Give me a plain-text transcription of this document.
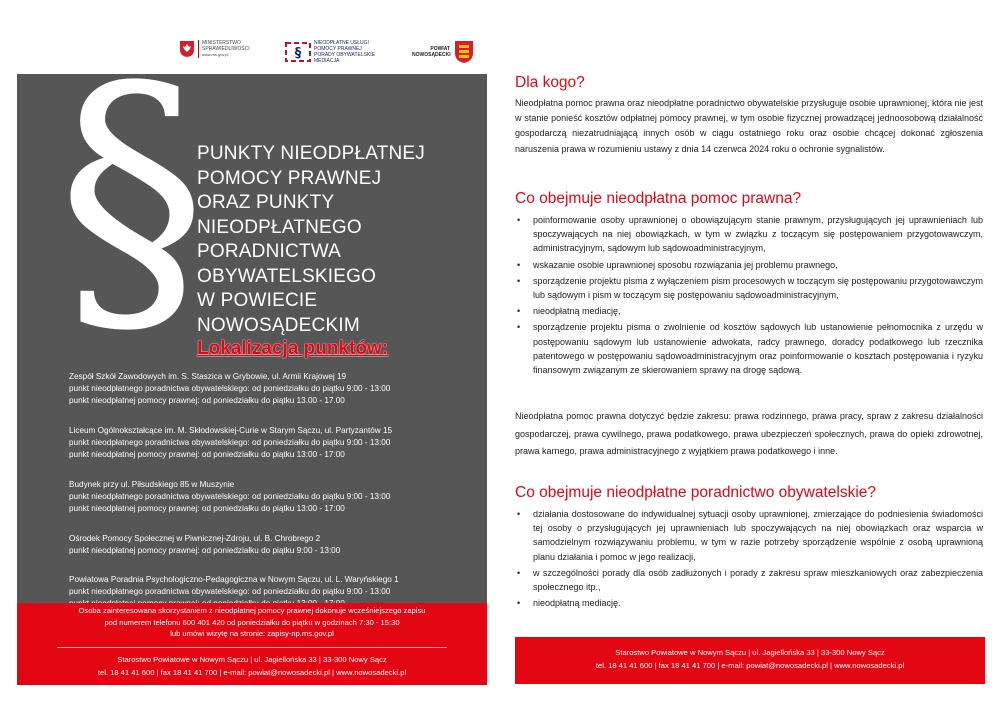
MINISTERSTWO SPRAWIEDLIWOŚCI
www.ms.gov.pl	§
NIEODPŁATNE USŁUGI POMOCY PRAWNEJ PORADY OBYWATELSKIE MEDIACJA
POWIAT NOWOSĄDECKI
§
PUNKTY NIEODPŁATNEJ
POMOCY PRAWNEJ
ORAZ PUNKTY
NIEODPŁATNEGO PORADNICTWA
OBYWATELSKIEGO
W POWIECIE
NOWOSĄDECKIM
Lokalizacja punktów:
Zespół Szkół Zawodowych im. S. Staszica w Grybowie, ul. Armii Krajowej 19
punkt nieodpłatnego poradnictwa obywatelskiego: od poniedziałku do piątku 9:00 - 13:00
punkt nieodpłatnej pomocy prawnej: od poniedziałku do piątku 13.00 - 17.00
Liceum Ogólnokształcące im. M. Skłodowskiej-Curie w Starym Sączu, ul. Partyzantów 15
punkt nieodpłatnego poradnictwa obywatelskiego: od poniedziałku do piątku 9:00 - 13:00
punkt nieodpłatnej pomocy prawnej: od poniedziałku do piątku 13:00 - 17:00
Budynek przy ul. Piłsudskiego 85 w Muszynie
punkt nieodpłatnego poradnictwa obywatelskiego: od poniedziałku do piątku 9:00 - 13:00
punkt nieodpłatnej pomocy prawnej: od poniedziałku do piątku 13:00 - 17:00
Ośrodek Pomocy Społecznej w Piwnicznej-Zdroju, ul. B. Chrobrego 2
punkt nieodpłatnej pomocy prawnej: od poniedziałku do piątku 9:00 - 13:00
Powiatowa Poradnia Psychologiczno-Pedagogiczna w Nowym Sączu, ul. L. Waryńskiego 1
punkt nieodpłatnego poradnictwa obywatelskiego: od poniedziałku do piątku 9:00 - 13:00
Osoba zainteresowana skorzystaniem z nieodpłatnej pomocy prawnej dokonuje wcześniejszego zapisu
pod numerem telefonu 600 401 420 od poniedziałku do piątku w godzinach 7:30 - 15:30
lub umówi wizytę na stronie: zapisy-np.ms.gov.pl
Starostwo Powiatowe w Nowym Sączu | ul. Jagiellońska 33 | 33-300 Nowy Sącz
tel. 18 41 41 600 | fax 18 41 41 700 | e-mail: powiat@nowosadecki.pl | www.nowosadecki.pl
Dla kogo?

Nieodpłatna pomoc prawna oraz nieodpłatne poradnictwo obywatelskie przysługuje osobie uprawnionej, która nie jest w stanie ponieść kosztów odpłatnej pomocy prawnej, w tym osobie fizycznej prowadzącej jednoosobową działalność gospodarczą niezatrudniającą innych osób w ciągu ostatniego roku oraz osobie chcącej dokonać zgłoszenia naruszenia prawa w rozumieniu ustawy z dnia 14 czerwca 2024 roku o ochronie sygnalistów.

Co obejmuje nieodpłatna pomoc prawna?
• poinformowanie osoby uprawnionej o obowiązującym stanie prawnym, przysługujących jej uprawnieniach lub spoczywających na niej obowiązkach, w tym w związku z toczącym się postępowaniem przygotowawczym, administracyjnym, sądowym lub sądowoadministracyjnym,
• wskazanie osobie uprawnionej sposobu rozwiązania jej problemu prawnego,
• sporządzenie projektu pisma z wyłączeniem pism procesowych w toczącym się postępowaniu przygotowawczym lub sądowym i pism w toczącym się postępowaniu sądowoadministracyjnym,
• nieodpłatną mediację,
• sporządzenie projektu pisma o zwolnienie od kosztów sądowych lub ustanowienie pełnomocnika z urzędu w postępowaniu sądowym lub ustanowienie adwokata, radcy prawnego, doradcy podatkowego lub rzecznika patentowego w postępowaniu sądowoadministracyjnym oraz poinformowanie o kosztach postępowania i ryzyku finansowym związanym ze skierowaniem sprawy na drogę sądową.

Nieodpłatna pomoc prawna dotyczyć będzie zakresu: prawa rodzinnego, prawa pracy, spraw z zakresu działalności gospodarczej, prawa cywilnego, prawa podatkowego, prawa ubezpieczeń społecznych, prawa do opieki zdrowotnej, prawa karnego, prawa administracyjnego z wyjątkiem prawa podatkowego i inne.

Co obejmuje nieodpłatne poradnictwo obywatelskie?
• działania dostosowane do indywidualnej sytuacji osoby uprawnionej, zmierzające do podniesienia świadomości tej osoby o przysługujących jej uprawnieniach lub spoczywających na niej obowiązkach oraz wsparcia w samodzielnym rozwiązywaniu problemu, w tym w razie potrzeby sporządzenie wspólnie z osobą uprawnioną planu działania i pomoc w jego realizacji,
• w szczególności porady dla osób zadłużonych i porady z zakresu spraw mieszkaniowych oraz zabezpieczenia społecznego itp.,
• nieodpłatną mediację.
Starostwo Powiatowe w Nowym Sączu | ul. Jagiellońska 33 | 33-300 Nowy Sącz
tel. 18 41 41 600 | fax 18 41 41 700 | e-mail: powiat@nowosadecki.pl | www.nowosadecki.pl
